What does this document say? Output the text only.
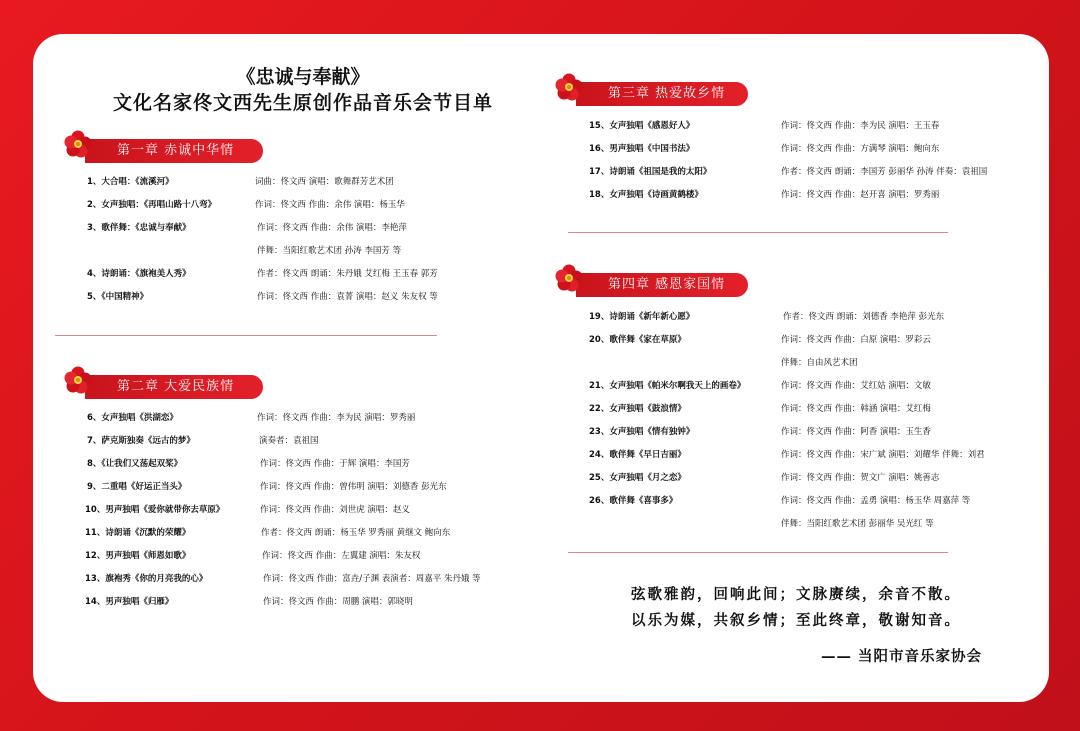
《忠诚与奉献》
文化名家佟文西先生原创作品音乐会节目单
第一章 赤诚中华情
1、大合唱：《流溪河》	词曲：佟文西 演唱：歌舞群芳艺术团
2、女声独唱：《再唱山路十八弯》	作词：佟文西 作曲：余伟 演唱：杨玉华
3、歌伴舞：《忠诚与奉献》	作词：佟文西 作曲：余伟 演唱：李艳萍
伴舞：当阳红歌艺术团 孙涛 李国芳 等
4、诗朗诵：《旗袍美人秀》	作者：佟文西 朗诵：朱丹娥 艾红梅 王玉春 郭芳
5、《中国精神》	作词：佟文西 作曲：袁菁 演唱：赵义 朱友权 等
第二章 大爱民族情
6、女声独唱《洪湖恋》	作词：佟文西 作曲：李为民 演唱：罗秀丽
7、萨克斯独奏《远古的梦》	演奏者：袁祖国
8、《让我们又荡起双桨》	作词：佟文西 作曲：于辉 演唱：李国芳
9、二重唱《好运正当头》	作词：佟文西 作曲：曾伟明 演唱：刘德香 彭光东
10、男声独唱《爱你就带你去草原》	作词：佟文西 作曲：刘世虎 演唱：赵义
11、诗朗诵《沉默的荣耀》	作者：佟文西 朗诵：杨玉华 罗秀丽 黄继文 鲍向东
12、男声独唱《师恩如歌》	作词：佟文西 作曲：左翼建 演唱：朱友权
13、旗袍秀《你的月亮我的心》	作词：佟文西 作曲：富垚/子渊 表演者：周嘉平 朱丹娥 等
14、男声独唱《归雁》	作词：佟文西 作曲：周鹏 演唱：郭晓明
第三章 热爱故乡情
15、女声独唱《感恩好人》	作词：佟文西 作曲：李为民 演唱：王玉春
16、男声独唱《中国书法》	作词：佟文西 作曲：方满琴 演唱：鲍向东
17、诗朗诵《祖国是我的太阳》	作者：佟文西 朗诵：李国芳 彭丽华 孙涛 伴奏：袁祖国
18、女声独唱《诗画黄鹤楼》	作词：佟文西 作曲：赵开喜 演唱：罗秀丽
第四章 感恩家国情
19、诗朗诵《新年新心愿》	作者：佟文西 朗诵：刘德香 李艳萍 彭光东
20、歌伴舞《家在草原》	作词：佟文西 作曲：白原 演唱：罗彩云
伴舞：自由风艺术团
21、女声独唱《帕米尔啊我天上的画卷》	作词：佟文西 作曲：艾红姑 演唱：文敏
22、女声独唱《鼓浪情》	作词：佟文西 作曲：韩涵 演唱：艾红梅
23、女声独唱《情有独钟》	作词：佟文西 作曲：阿香 演唱：玉生香
24、歌伴舞《早日吉丽》	作词：佟文西 作曲：宋广斌 演唱：刘耀华 伴舞：刘君
25、女声独唱《月之恋》	作词：佟文西 作曲：贺文广 演唱：姚善志
26、歌伴舞《喜事多》	作词：佟文西 作曲：孟勇 演唱：杨玉华 周嘉萍 等
伴舞：当阳红歌艺术团 彭丽华 吴光红 等
弦歌雅韵，回响此间；文脉赓续，余音不散。
以乐为媒，共叙乡情；至此终章，敬谢知音。
—— 当阳市音乐家协会
